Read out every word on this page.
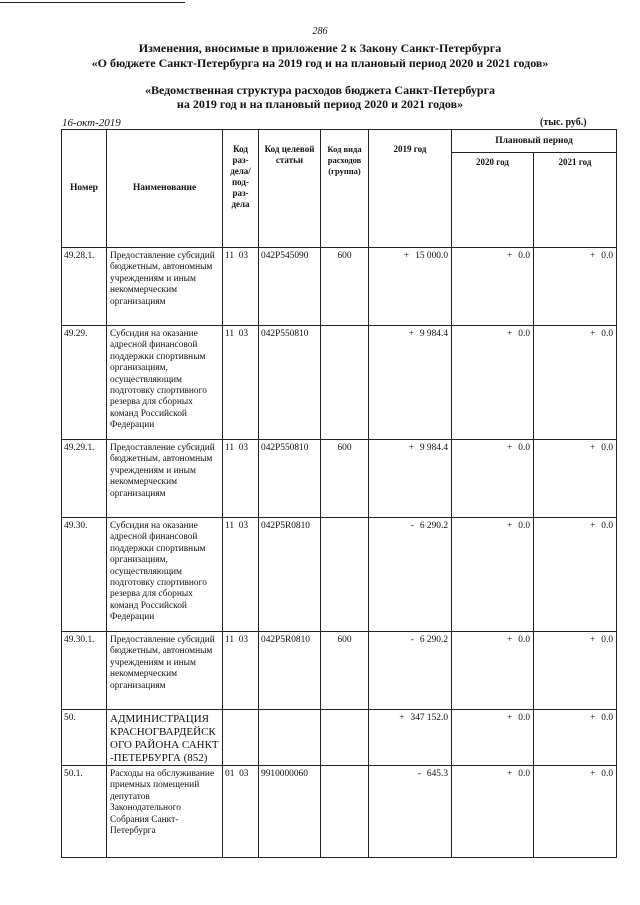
286
Изменения, вносимые в приложение 2 к Закону Санкт-Петербурга
«О бюджете Санкт-Петербурга на 2019 год и на плановый период 2020 и 2021 годов»
«Ведомственная структура расходов бюджета Санкт-Петербурга
на 2019 год и на плановый период 2020 и 2021 годов»
16-окт-2019	(тыс. руб.)
Номер	Наименование	Код раз- дела/ под- раз- дела	Код целевой статьи	Код вида расходов (группа)	2019 год	Плановый период	
						2020 год	2021 год
49.28.1.	Предоставление субсидий бюджетным, автономным учреждениям и иным некоммерческим организациям	11  03	042P545090	600	+ 15 000.0	+ 0.0	+ 0.0
49.29.	Субсидия на оказание адресной финансовой поддержки спортивным организациям, осуществляющим подготовку спортивного резерва для сборных команд Российской Федерации	11  03	042P550810		+ 9 984.4	+ 0.0	+ 0.0
49.29.1.	Предоставление субсидий бюджетным, автономным учреждениям и иным некоммерческим организациям	11  03	042P550810	600	+ 9 984.4	+ 0.0	+ 0.0
49.30.	Субсидия на оказание адресной финансовой поддержки спортивным организациям, осуществляющим подготовку спортивного резерва для сборных команд Российской Федерации	11  03	042P5R0810		- 6 290.2	+ 0.0	+ 0.0
49.30.1.	Предоставление субсидий бюджетным, автономным учреждениям и иным некоммерческим организациям	11  03	042P5R0810	600	- 6 290.2	+ 0.0	+ 0.0
50.	АДМИНИСТРАЦИЯ КРАСНОГВАРДЕЙСК ОГО РАЙОНА САНКТ -ПЕТЕРБУРГА (852)				+ 347 152.0	+ 0.0	+ 0.0
50.1.	Расходы на обслуживание приемных помещений депутатов Законодательного Собрания Санкт-Петербурга	01  03	9910000060		- 645.3	+ 0.0	+ 0.0
